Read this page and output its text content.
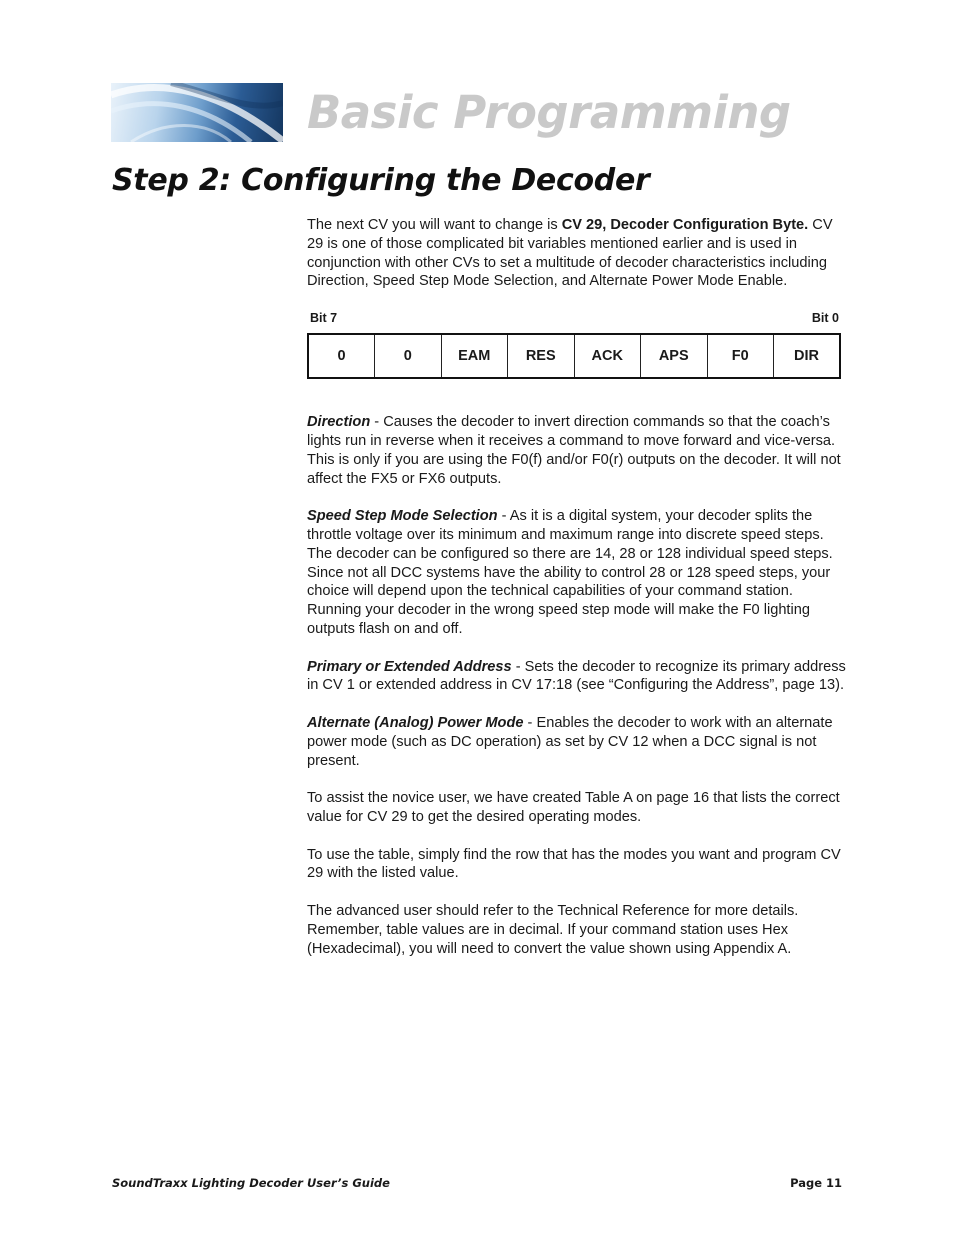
Basic Programming
Step 2: Configuring the Decoder

The next CV you will want to change is CV 29, Decoder Configuration Byte. CV 29 is one of those complicated bit variables mentioned earlier and is used in conjunction with other CVs to set a multitude of decoder characteristics including Direction, Speed Step Mode Selection, and Alternate Power Mode Enable.

Bit 7	Bit 0
0	0	EAM	RES	ACK	APS	F0	DIR

Direction - Causes the decoder to invert direction commands so that the coach’s lights run in reverse when it receives a command to move forward and vice-versa. This is only if you are using the F0(f) and/or F0(r) outputs on the decoder. It will not affect the FX5 or FX6 outputs.

Speed Step Mode Selection - As it is a digital system, your decoder splits the throttle voltage over its minimum and maximum range into discrete speed steps. The decoder can be configured so there are 14, 28 or 128 individual speed steps. Since not all DCC systems have the ability to control 28 or 128 speed steps, your choice will depend upon the technical capabilities of your command station. Running your decoder in the wrong speed step mode will make the F0 lighting outputs flash on and off.

Primary or Extended Address - Sets the decoder to recognize its primary address in CV 1 or extended address in CV 17:18 (see “Configuring the Address”, page 13).

Alternate (Analog) Power Mode - Enables the decoder to work with an alternate power mode (such as DC operation) as set by CV 12 when a DCC signal is not present.

To assist the novice user, we have created Table A on page 16 that lists the correct value for CV 29 to get the desired operating modes.

To use the table, simply find the row that has the modes you want and program CV 29 with the listed value.

The advanced user should refer to the Technical Reference for more details. Remember, table values are in decimal. If your command station uses Hex (Hexadecimal), you will need to convert the value shown using Appendix A.

SoundTraxx Lighting Decoder User’s Guide	Page 11
